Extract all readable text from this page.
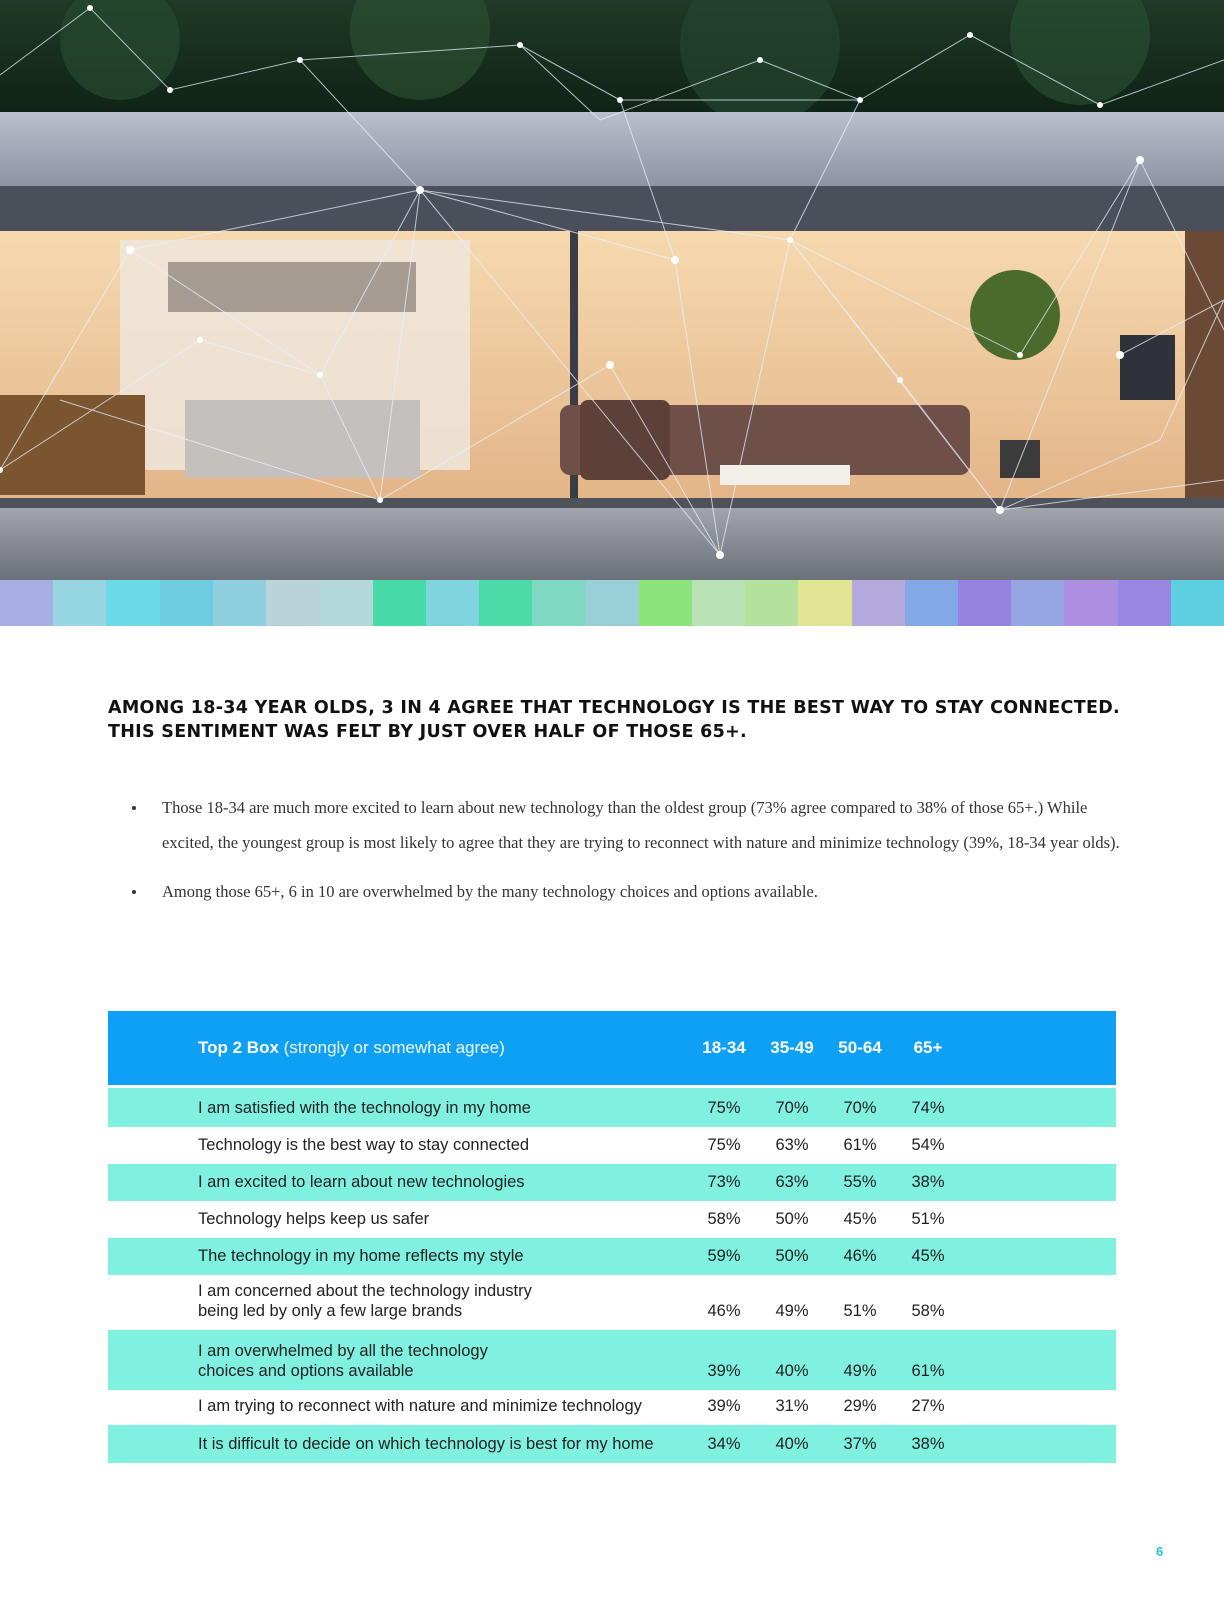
AMONG 18-34 YEAR OLDS, 3 IN 4 AGREE THAT TECHNOLOGY IS THE BEST WAY TO STAY CONNECTED.
THIS SENTIMENT WAS FELT BY JUST OVER HALF OF THOSE 65+.
Those 18-34 are much more excited to learn about new technology than the oldest group (73% agree compared to 38% of those 65+.) While excited, the youngest group is most likely to agree that they are trying to reconnect with nature and minimize technology (39%, 18-34 year olds).
Among those 65+, 6 in 10 are overwhelmed by the many technology choices and options available.
Top 2 Box (strongly or somewhat agree)	18-34	35-49	50-64	65+
I am satisfied with the technology in my home	75%	70%	70%	74%
Technology is the best way to stay connected	75%	63%	61%	54%
I am excited to learn about new technologies	73%	63%	55%	38%
Technology helps keep us safer	58%	50%	45%	51%
The technology in my home reflects my style	59%	50%	46%	45%
I am concerned about the technology industry
being led by only a few large brands	46%	49%	51%	58%
I am overwhelmed by all the technology
choices and options available	39%	40%	49%	61%
I am trying to reconnect with nature and minimize technology	39%	31%	29%	27%
It is difficult to decide on which technology is best for my home	34%	40%	37%	38%
6
